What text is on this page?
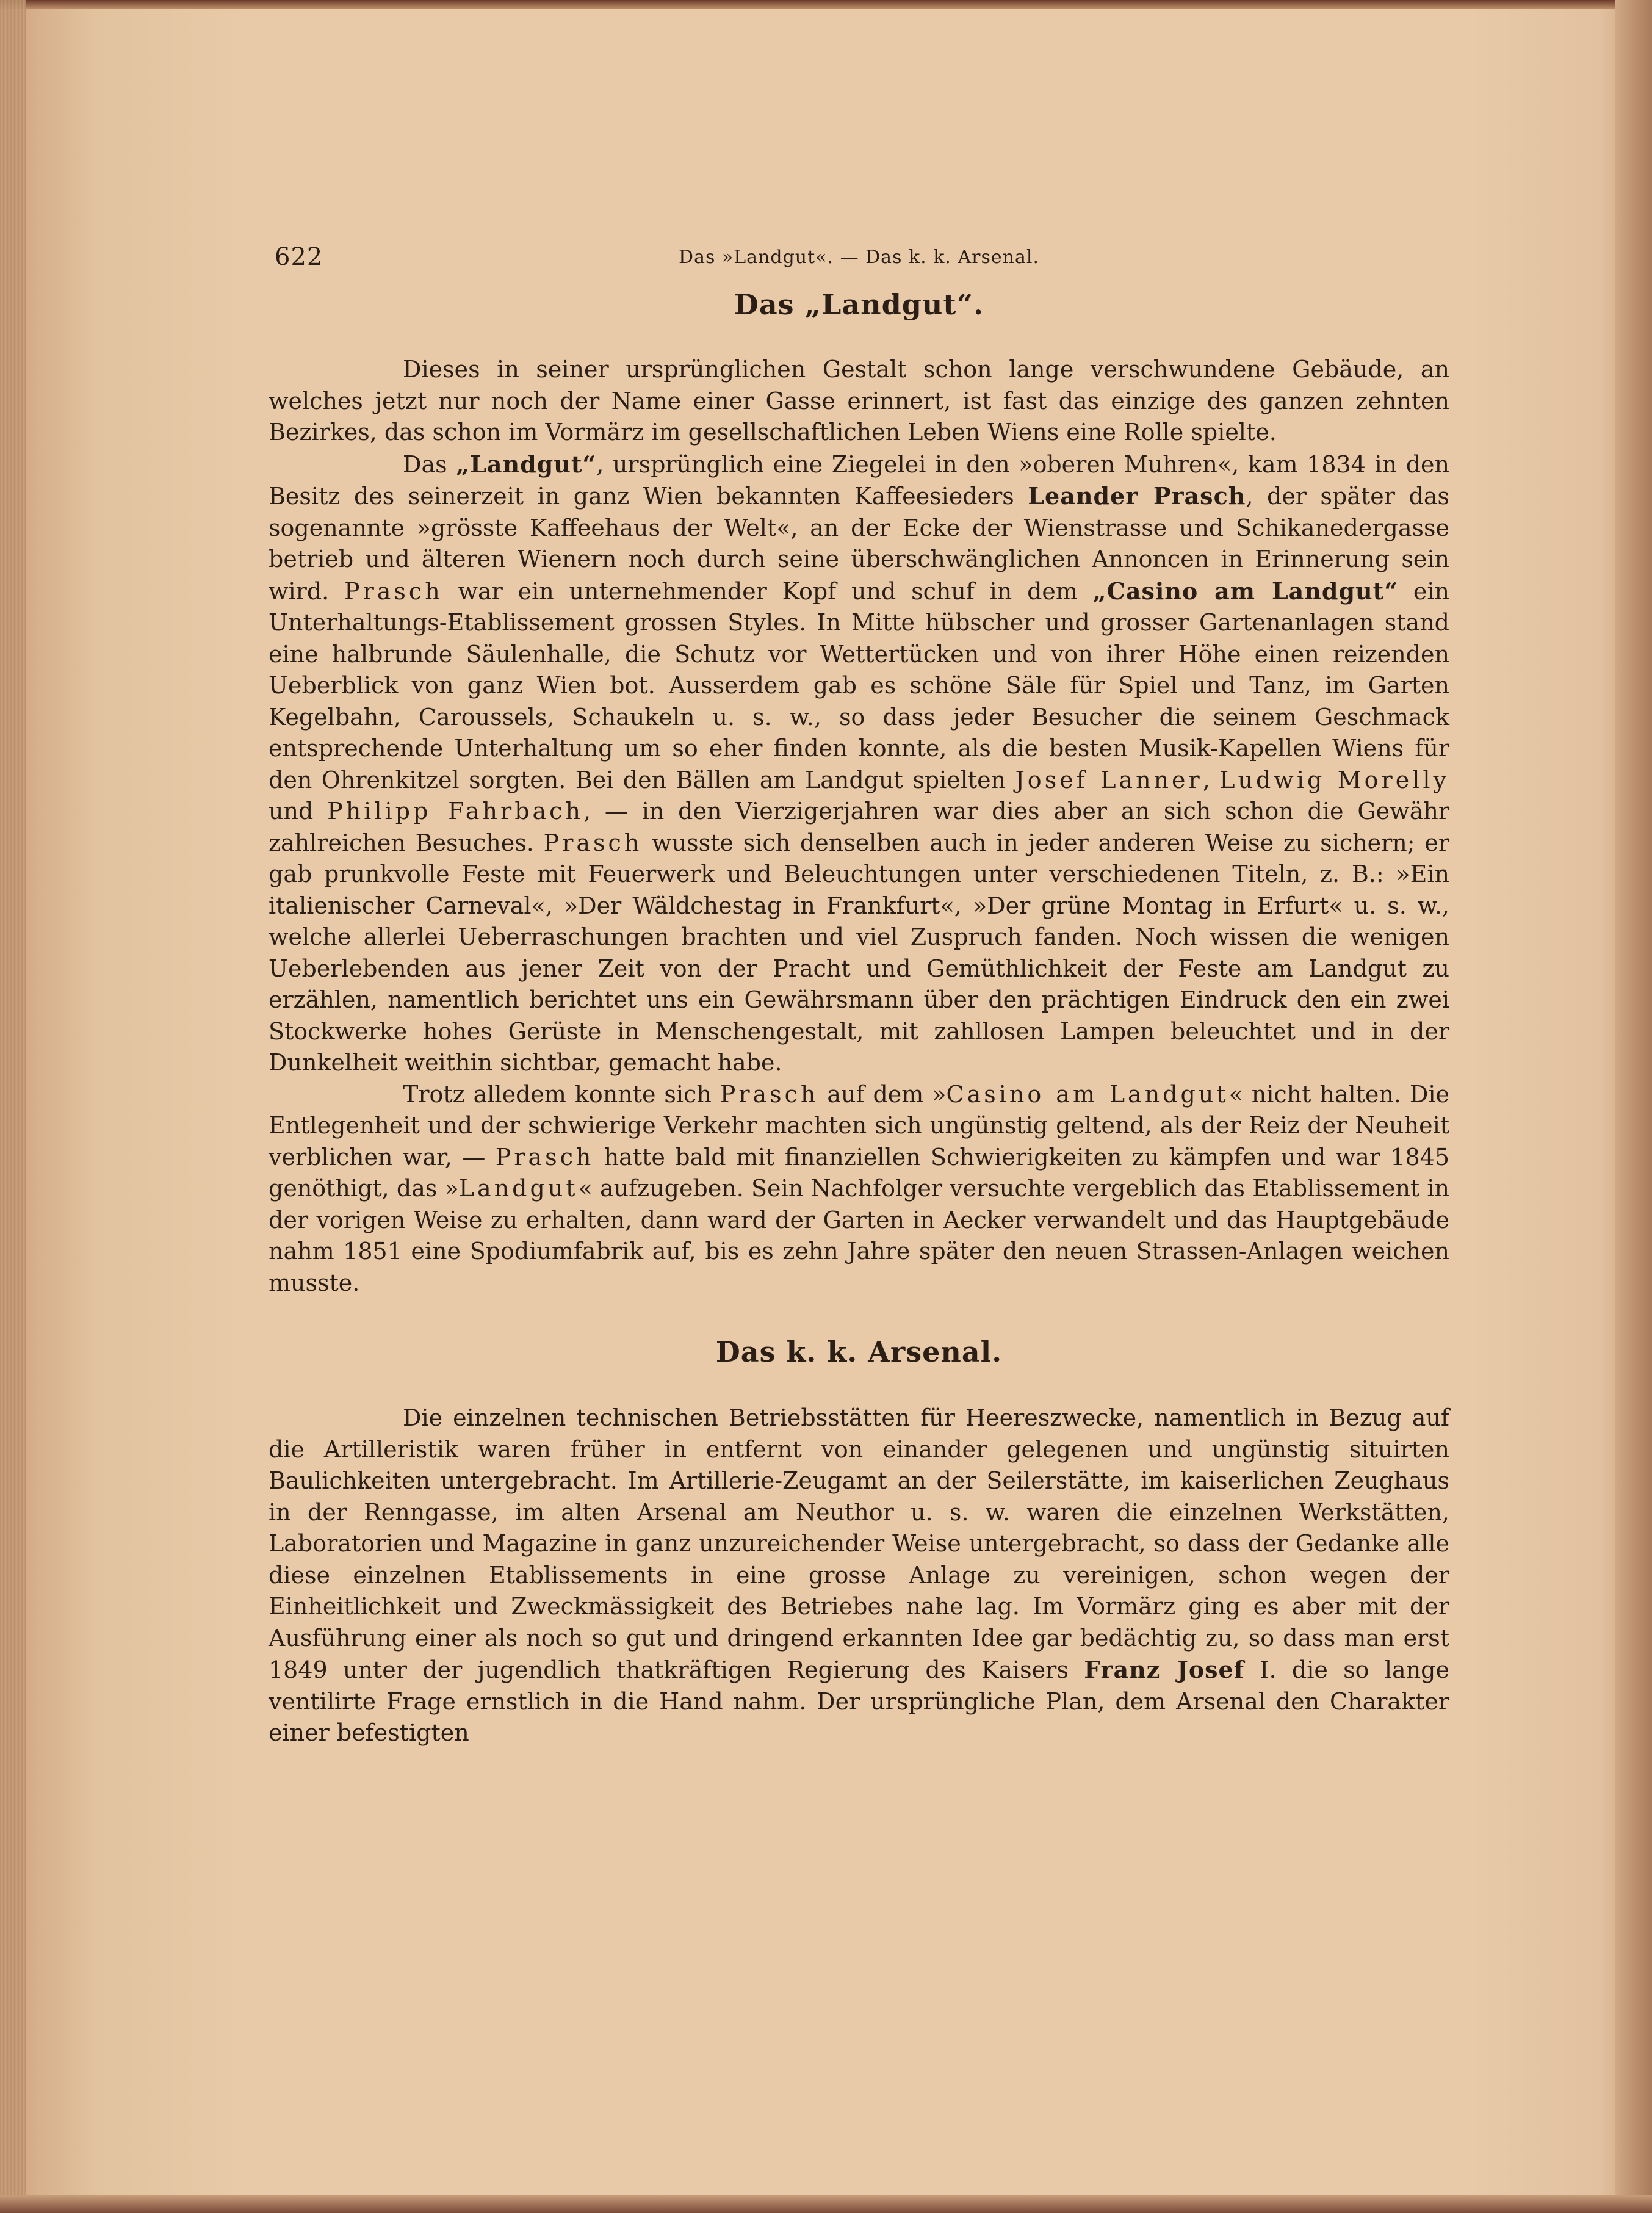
622	Das »Landgut«. — Das k. k. Arsenal.
Das „Landgut“.

Dieses in seiner ursprünglichen Gestalt schon lange verschwundene Gebäude, an welches jetzt nur noch der Name einer Gasse erinnert, ist fast das einzige des ganzen zehnten Bezirkes, das schon im Vormärz im gesellschaftlichen Leben Wiens eine Rolle spielte.

Das „Landgut“, ursprünglich eine Ziegelei in den »oberen Muhren«, kam 1834 in den Besitz des seinerzeit in ganz Wien bekannten Kaffeesieders Leander Prasch, der später das sogenannte »grösste Kaffeehaus der Welt«, an der Ecke der Wienstrasse und Schikanedergasse betrieb und älteren Wienern noch durch seine überschwänglichen Annoncen in Erinnerung sein wird. Prasch war ein unternehmender Kopf und schuf in dem „Casino am Landgut“ ein Unterhaltungs-Etablissement grossen Styles. In Mitte hübscher und grosser Gartenanlagen stand eine halbrunde Säulenhalle, die Schutz vor Wettertücken und von ihrer Höhe einen reizenden Ueberblick von ganz Wien bot. Ausserdem gab es schöne Säle für Spiel und Tanz, im Garten Kegelbahn, Caroussels, Schaukeln u. s. w., so dass jeder Besucher die seinem Geschmack entsprechende Unterhaltung um so eher finden konnte, als die besten Musik-Kapellen Wiens für den Ohrenkitzel sorgten. Bei den Bällen am Landgut spielten Josef Lanner, Ludwig Morelly und Philipp Fahrbach, — in den Vierzigerjahren war dies aber an sich schon die Gewähr zahlreichen Besuches. Prasch wusste sich denselben auch in jeder anderen Weise zu sichern; er gab prunkvolle Feste mit Feuerwerk und Beleuchtungen unter verschiedenen Titeln, z. B.: »Ein italienischer Carneval«, »Der Wäldchestag in Frankfurt«, »Der grüne Montag in Erfurt« u. s. w., welche allerlei Ueberraschungen brachten und viel Zuspruch fanden. Noch wissen die wenigen Ueberlebenden aus jener Zeit von der Pracht und Gemüthlichkeit der Feste am Landgut zu erzählen, namentlich berichtet uns ein Gewährsmann über den prächtigen Eindruck den ein zwei Stockwerke hohes Gerüste in Menschengestalt, mit zahllosen Lampen beleuchtet und in der Dunkelheit weithin sichtbar, gemacht habe.

Trotz alledem konnte sich Prasch auf dem »Casino am Landgut« nicht halten. Die Entlegenheit und der schwierige Verkehr machten sich ungünstig geltend, als der Reiz der Neuheit verblichen war, — Prasch hatte bald mit finanziellen Schwierigkeiten zu kämpfen und war 1845 genöthigt, das »Landgut« aufzugeben. Sein Nachfolger versuchte vergeblich das Etablissement in der vorigen Weise zu erhalten, dann ward der Garten in Aecker verwandelt und das Hauptgebäude nahm 1851 eine Spodiumfabrik auf, bis es zehn Jahre später den neuen Strassen-Anlagen weichen musste.

Das k. k. Arsenal.

Die einzelnen technischen Betriebsstätten für Heereszwecke, namentlich in Bezug auf die Artilleristik waren früher in entfernt von einander gelegenen und ungünstig situirten Baulichkeiten untergebracht. Im Artillerie-Zeugamt an der Seilerstätte, im kaiserlichen Zeughaus in der Renngasse, im alten Arsenal am Neuthor u. s. w. waren die einzelnen Werkstätten, Laboratorien und Magazine in ganz unzureichender Weise untergebracht, so dass der Gedanke alle diese einzelnen Etablissements in eine grosse Anlage zu vereinigen, schon wegen der Einheitlichkeit und Zweckmässigkeit des Betriebes nahe lag. Im Vormärz ging es aber mit der Ausführung einer als noch so gut und dringend erkannten Idee gar bedächtig zu, so dass man erst 1849 unter der jugendlich thatkräftigen Regierung des Kaisers Franz Josef I. die so lange ventilirte Frage ernstlich in die Hand nahm. Der ursprüngliche Plan, dem Arsenal den Charakter einer befestigten
